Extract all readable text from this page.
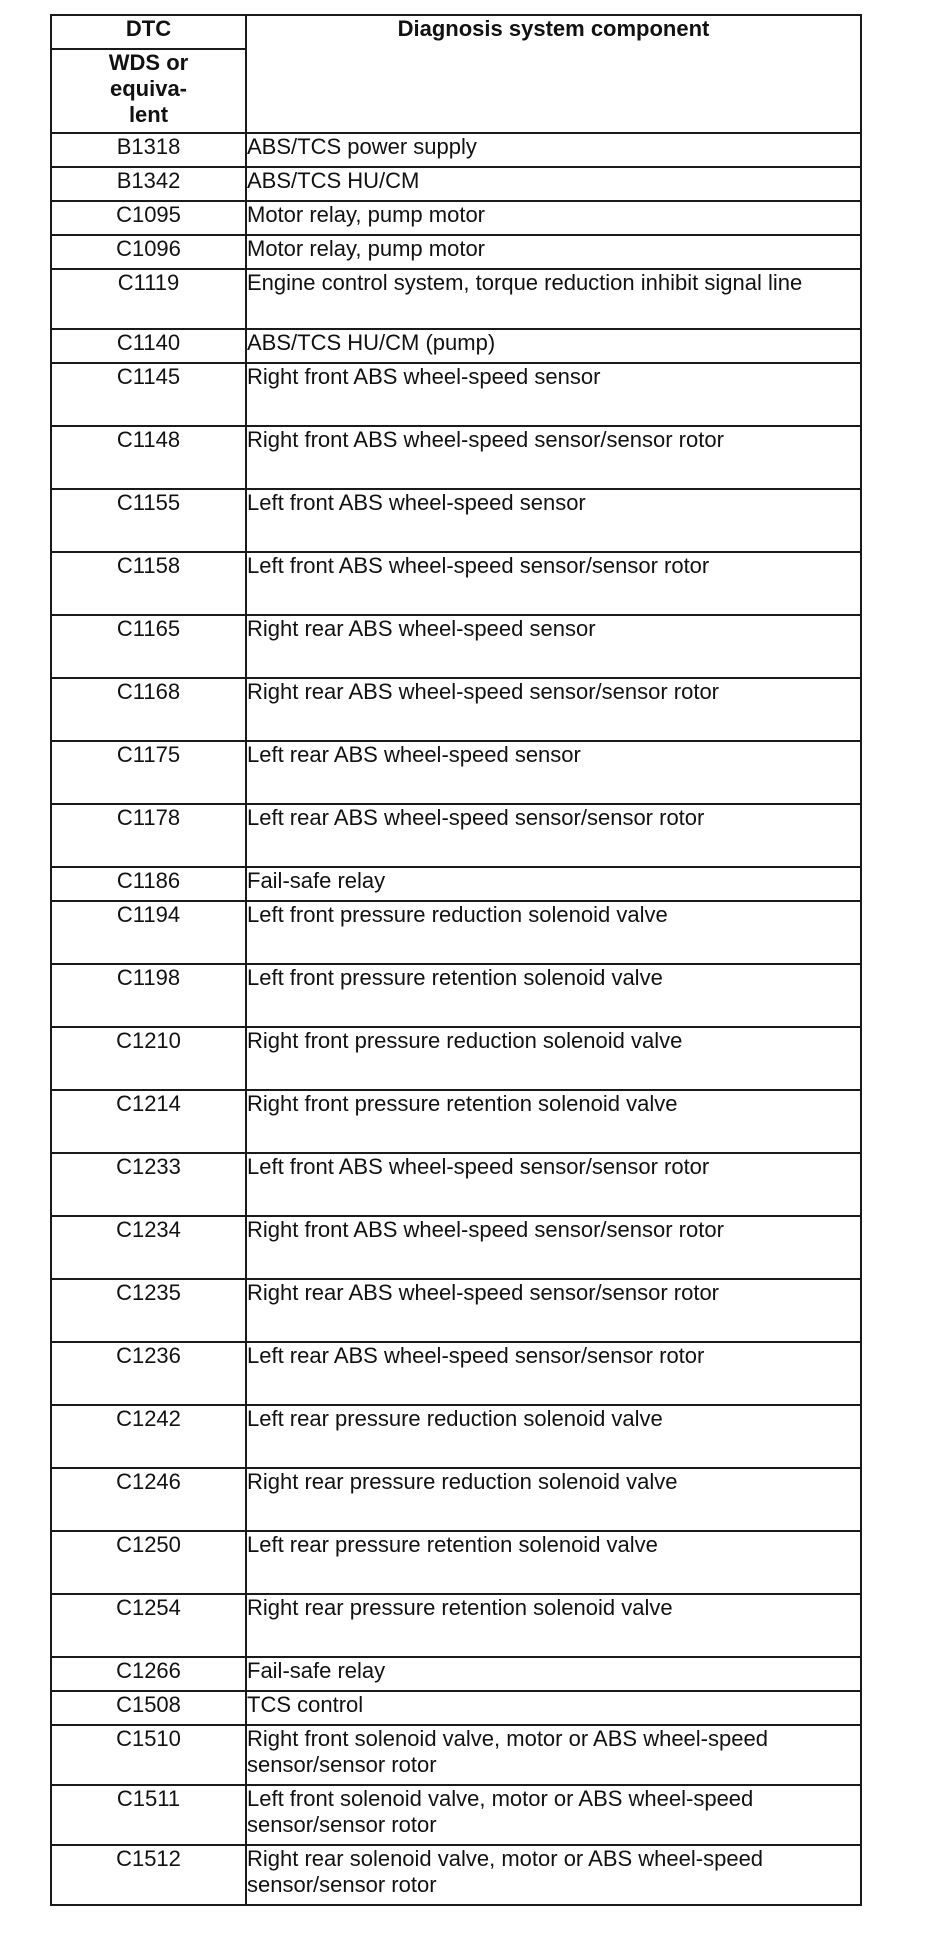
DTC	Diagnosis system component
WDS or
equiva-
lent	
B1318	ABS/TCS power supply
B1342	ABS/TCS HU/CM
C1095	Motor relay, pump motor
C1096	Motor relay, pump motor
C1119	Engine control system, torque reduction inhibit signal line
C1140	ABS/TCS HU/CM (pump)
C1145	Right front ABS wheel-speed sensor
C1148	Right front ABS wheel-speed sensor/sensor rotor
C1155	Left front ABS wheel-speed sensor
C1158	Left front ABS wheel-speed sensor/sensor rotor
C1165	Right rear ABS wheel-speed sensor
C1168	Right rear ABS wheel-speed sensor/sensor rotor
C1175	Left rear ABS wheel-speed sensor
C1178	Left rear ABS wheel-speed sensor/sensor rotor
C1186	Fail-safe relay
C1194	Left front pressure reduction solenoid valve
C1198	Left front pressure retention solenoid valve
C1210	Right front pressure reduction solenoid valve
C1214	Right front pressure retention solenoid valve
C1233	Left front ABS wheel-speed sensor/sensor rotor
C1234	Right front ABS wheel-speed sensor/sensor rotor
C1235	Right rear ABS wheel-speed sensor/sensor rotor
C1236	Left rear ABS wheel-speed sensor/sensor rotor
C1242	Left rear pressure reduction solenoid valve
C1246	Right rear pressure reduction solenoid valve
C1250	Left rear pressure retention solenoid valve
C1254	Right rear pressure retention solenoid valve
C1266	Fail-safe relay
C1508	TCS control
C1510	Right front solenoid valve, motor or ABS wheel-speed sensor/sensor rotor
C1511	Left front solenoid valve, motor or ABS wheel-speed sensor/sensor rotor
C1512	Right rear solenoid valve, motor or ABS wheel-speed sensor/sensor rotor
